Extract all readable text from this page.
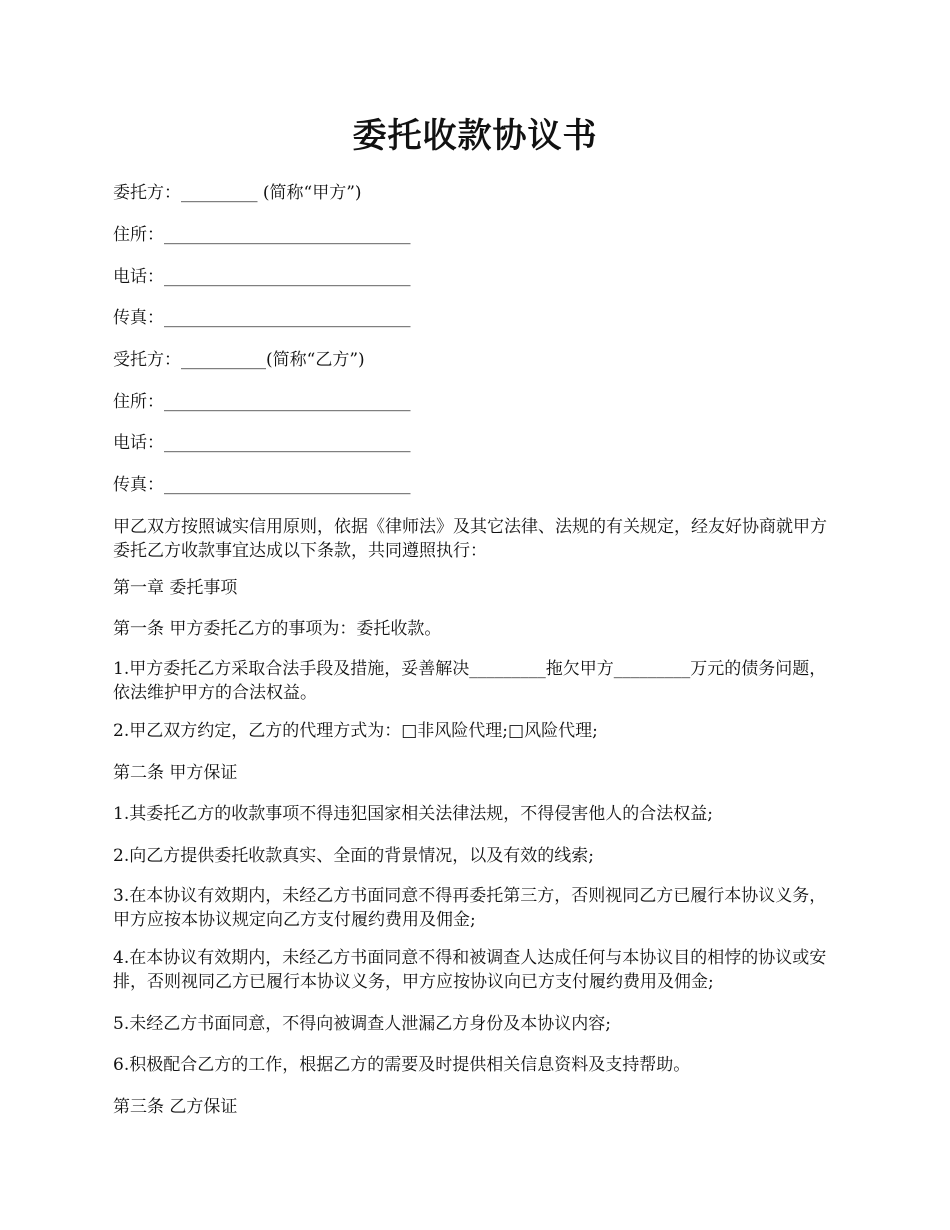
委托收款协议书

委托方：_________ (简称“甲方”)

住所：_____________________________

电话：_____________________________

传真：_____________________________

受托方：__________(简称“乙方”)

住所：_____________________________

电话：_____________________________

传真：_____________________________

甲乙双方按照诚实信用原则，依据《律师法》及其它法律、法规的有关规定，经友好协商就甲方委托乙方收款事宜达成以下条款，共同遵照执行：

第一章 委托事项

第一条 甲方委托乙方的事项为：委托收款。

1.甲方委托乙方采取合法手段及措施，妥善解决_________拖欠甲方_________万元的债务问题，依法维护甲方的合法权益。

2.甲乙双方约定，乙方的代理方式为：□非风险代理;□风险代理;

第二条 甲方保证

1.其委托乙方的收款事项不得违犯国家相关法律法规，不得侵害他人的合法权益;

2.向乙方提供委托收款真实、全面的背景情况，以及有效的线索;

3.在本协议有效期内，未经乙方书面同意不得再委托第三方，否则视同乙方已履行本协议义务，甲方应按本协议规定向乙方支付履约费用及佣金;

4.在本协议有效期内，未经乙方书面同意不得和被调查人达成任何与本协议目的相悖的协议或安排，否则视同乙方已履行本协议义务，甲方应按协议向已方支付履约费用及佣金;

5.未经乙方书面同意，不得向被调查人泄漏乙方身份及本协议内容;

6.积极配合乙方的工作，根据乙方的需要及时提供相关信息资料及支持帮助。

第三条 乙方保证
